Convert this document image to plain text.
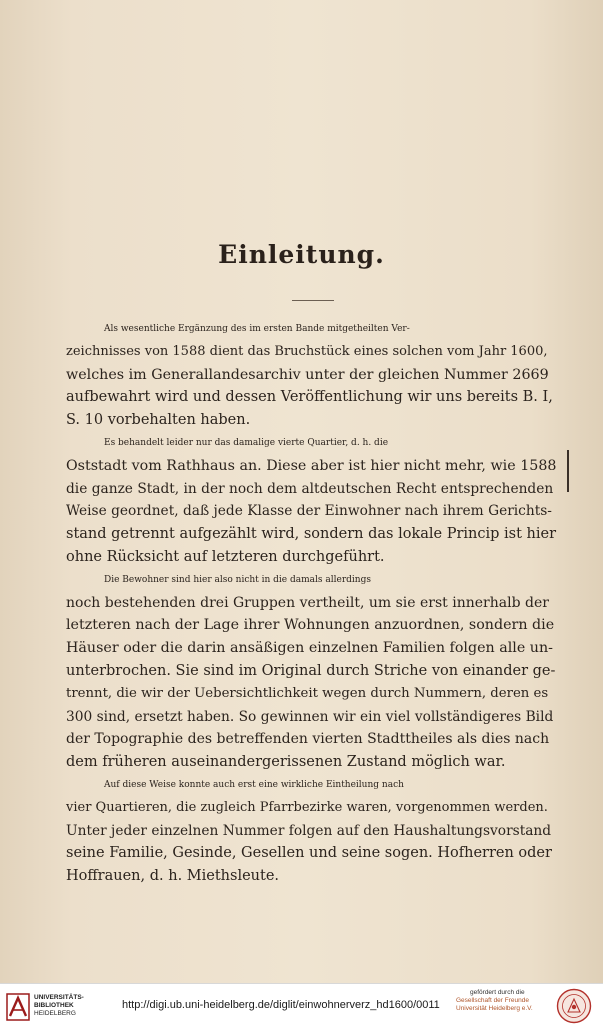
Einleitung.

Als wesentliche Ergänzung des im ersten Bande mitgetheilten Ver-
zeichnisses von 1588 dient das Bruchstück eines solchen vom Jahr 1600,
welches im Generallandesarchiv unter der gleichen Nummer 2669
aufbewahrt wird und dessen Veröffentlichung wir uns bereits B. I,
S. 10 vorbehalten haben.

Es behandelt leider nur das damalige vierte Quartier, d. h. die
Oststadt vom Rathhaus an. Diese aber ist hier nicht mehr, wie 1588
die ganze Stadt, in der noch dem altdeutschen Recht entsprechenden
Weise geordnet, daß jede Klasse der Einwohner nach ihrem Gerichts-
stand getrennt aufgezählt wird, sondern das lokale Princip ist hier
ohne Rücksicht auf letzteren durchgeführt.

Die Bewohner sind hier also nicht in die damals allerdings
noch bestehenden drei Gruppen vertheilt, um sie erst innerhalb der
letzteren nach der Lage ihrer Wohnungen anzuordnen, sondern die
Häuser oder die darin ansäßigen einzelnen Familien folgen alle un-
unterbrochen. Sie sind im Original durch Striche von einander ge-
trennt, die wir der Uebersichtlichkeit wegen durch Nummern, deren es
300 sind, ersetzt haben. So gewinnen wir ein viel vollständigeres Bild
der Topographie des betreffenden vierten Stadttheiles als dies nach
dem früheren auseinandergerissenen Zustand möglich war.

Auf diese Weise konnte auch erst eine wirkliche Eintheilung nach
vier Quartieren, die zugleich Pfarrbezirke waren, vorgenommen werden.
Unter jeder einzelnen Nummer folgen auf den Haushaltungsvorstand
seine Familie, Gesinde, Gesellen und seine sogen. Hofherren oder
Hoffrauen, d. h. Miethsleute.

UNIVERSITÄTS-
BIBLIOTHEK
HEIDELBERG
http://digi.ub.uni-heidelberg.de/diglit/einwohnerverz_hd1600/0011
gefördert durch die
Gesellschaft der Freunde
Universität Heidelberg e.V.
